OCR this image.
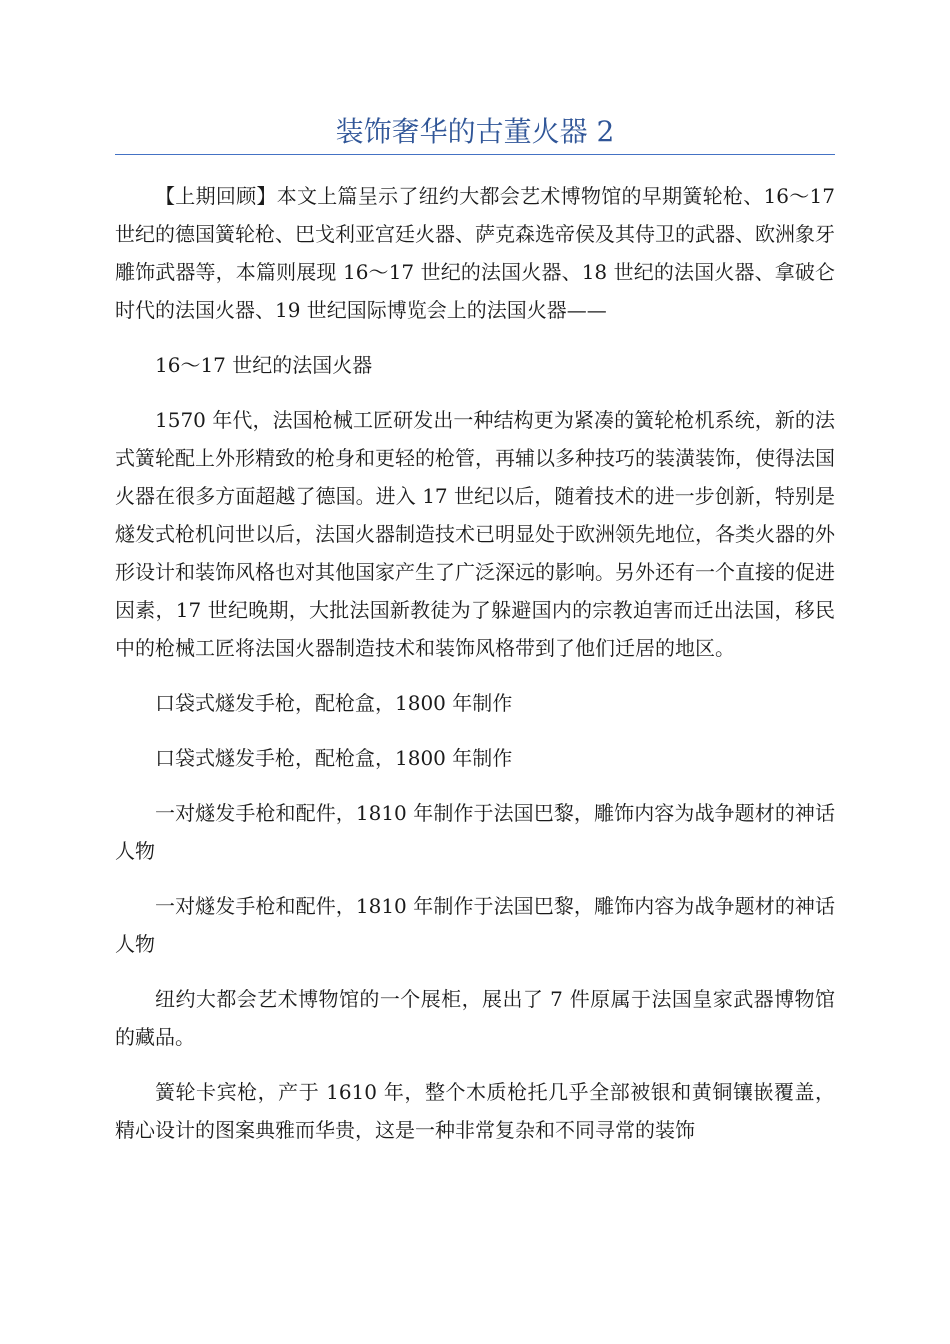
装饰奢华的古董火器 2

【上期回顾】本文上篇呈示了纽约大都会艺术博物馆的早期簧轮枪、16～17 世纪的德国簧轮枪、巴戈利亚宫廷火器、萨克森选帝侯及其侍卫的武器、欧洲象牙雕饰武器等，本篇则展现 16～17 世纪的法国火器、18 世纪的法国火器、拿破仑时代的法国火器、19 世纪国际博览会上的法国火器——

16～17 世纪的法国火器

1570 年代，法国枪械工匠研发出一种结构更为紧凑的簧轮枪机系统，新的法式簧轮配上外形精致的枪身和更轻的枪管，再辅以多种技巧的装潢装饰，使得法国火器在很多方面超越了德国。进入 17 世纪以后，随着技术的进一步创新，特别是燧发式枪机问世以后，法国火器制造技术已明显处于欧洲领先地位，各类火器的外形设计和装饰风格也对其他国家产生了广泛深远的影响。另外还有一个直接的促进因素，17 世纪晚期，大批法国新教徒为了躲避国内的宗教迫害而迁出法国，移民中的枪械工匠将法国火器制造技术和装饰风格带到了他们迁居的地区。

口袋式燧发手枪，配枪盒，1800 年制作

口袋式燧发手枪，配枪盒，1800 年制作

一对燧发手枪和配件，1810 年制作于法国巴黎，雕饰内容为战争题材的神话人物

一对燧发手枪和配件，1810 年制作于法国巴黎，雕饰内容为战争题材的神话人物

纽约大都会艺术博物馆的一个展柜，展出了 7 件原属于法国皇家武器博物馆的藏品。

簧轮卡宾枪，产于 1610 年，整个木质枪托几乎全部被银和黄铜镶嵌覆盖，精心设计的图案典雅而华贵，这是一种非常复杂和不同寻常的装饰
